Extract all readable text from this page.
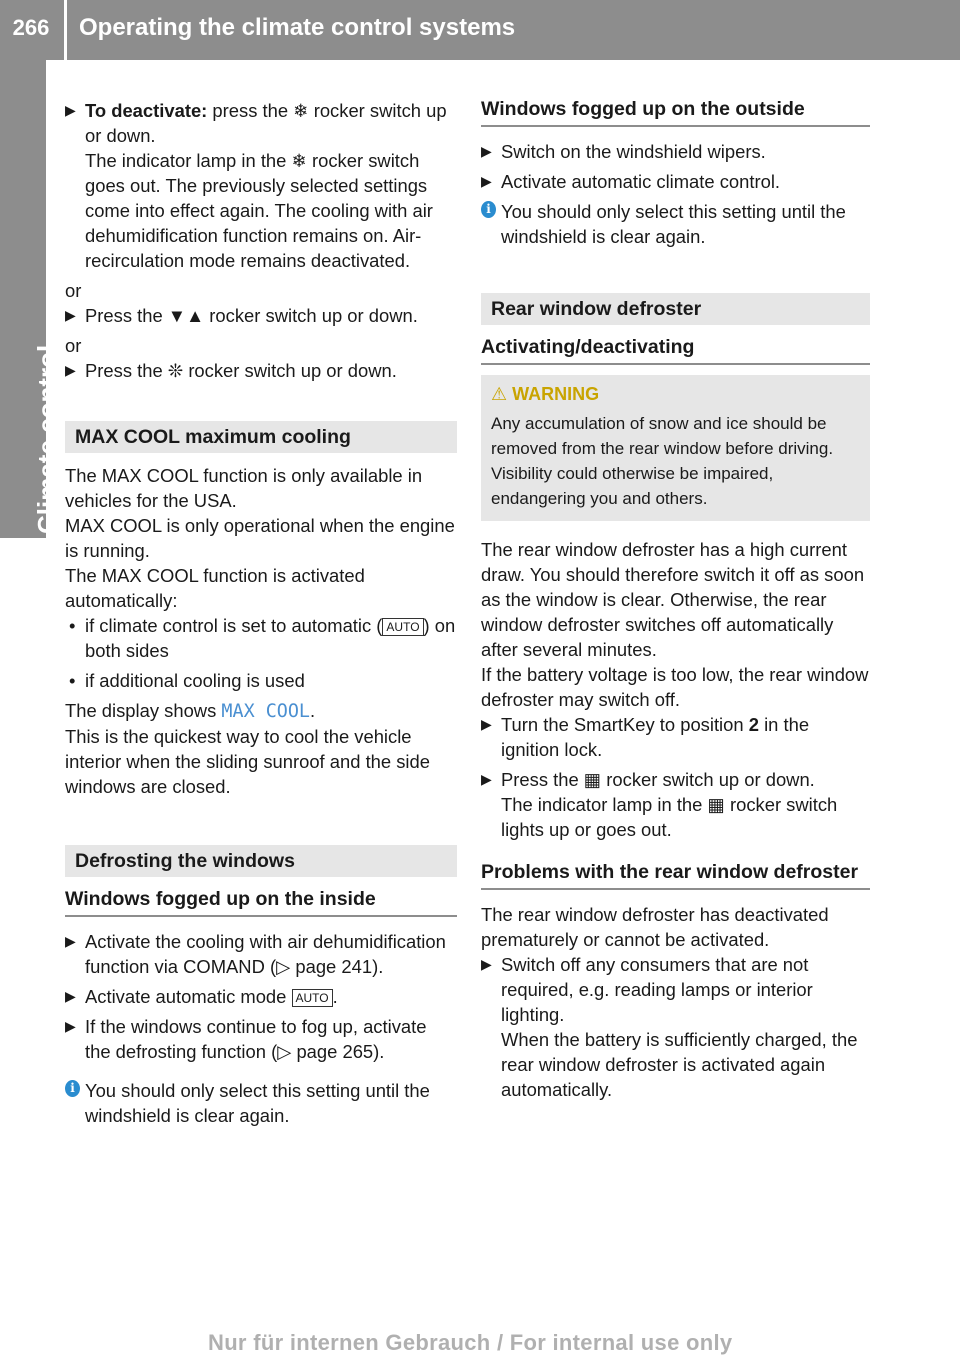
266	Operating the climate control systems
Climate control
▶ To deactivate: press the ❄ rocker switch up or down.

The indicator lamp in the ❄ rocker switch goes out. The previously selected settings come into effect again. The cooling with air dehumidification function remains on. Air-recirculation mode remains deactivated.

or

▶ Press the ▼▲ rocker switch up or down.

or

▶ Press the ❊ rocker switch up or down.

MAX COOL maximum cooling

The MAX COOL function is only available in vehicles for the USA.

MAX COOL is only operational when the engine is running.

The MAX COOL function is activated automatically:

• if climate control is set to automatic ( AUTO ) on both sides

• if additional cooling is used

The display shows MAX COOL.

This is the quickest way to cool the vehicle interior when the sliding sunroof and the side windows are closed.

Defrosting the windows
Windows fogged up on the inside
▶ Activate the cooling with air dehumidification function via COMAND (▷ page 241).

▶ Activate automatic mode AUTO .

▶ If the windows continue to fog up, activate the defrosting function (▷ page 265).

i You should only select this setting until the windshield is clear again.

Windows fogged up on the outside
▶ Switch on the windshield wipers.

▶ Activate automatic climate control.

i You should only select this setting until the windshield is clear again.

Rear window defroster
Activating/deactivating
⚠ WARNING

Any accumulation of snow and ice should be removed from the rear window before driving. Visibility could otherwise be impaired, endangering you and others.

The rear window defroster has a high current draw. You should therefore switch it off as soon as the window is clear. Otherwise, the rear window defroster switches off automatically after several minutes.

If the battery voltage is too low, the rear window defroster may switch off.

▶ Turn the SmartKey to position 2 in the ignition lock.

▶ Press the ▦ rocker switch up or down.

The indicator lamp in the ▦ rocker switch lights up or goes out.

Problems with the rear window defroster

The rear window defroster has deactivated prematurely or cannot be activated.

▶ Switch off any consumers that are not required, e.g. reading lamps or interior lighting.

When the battery is sufficiently charged, the rear window defroster is activated again automatically.

Nur für internen Gebrauch / For internal use only
